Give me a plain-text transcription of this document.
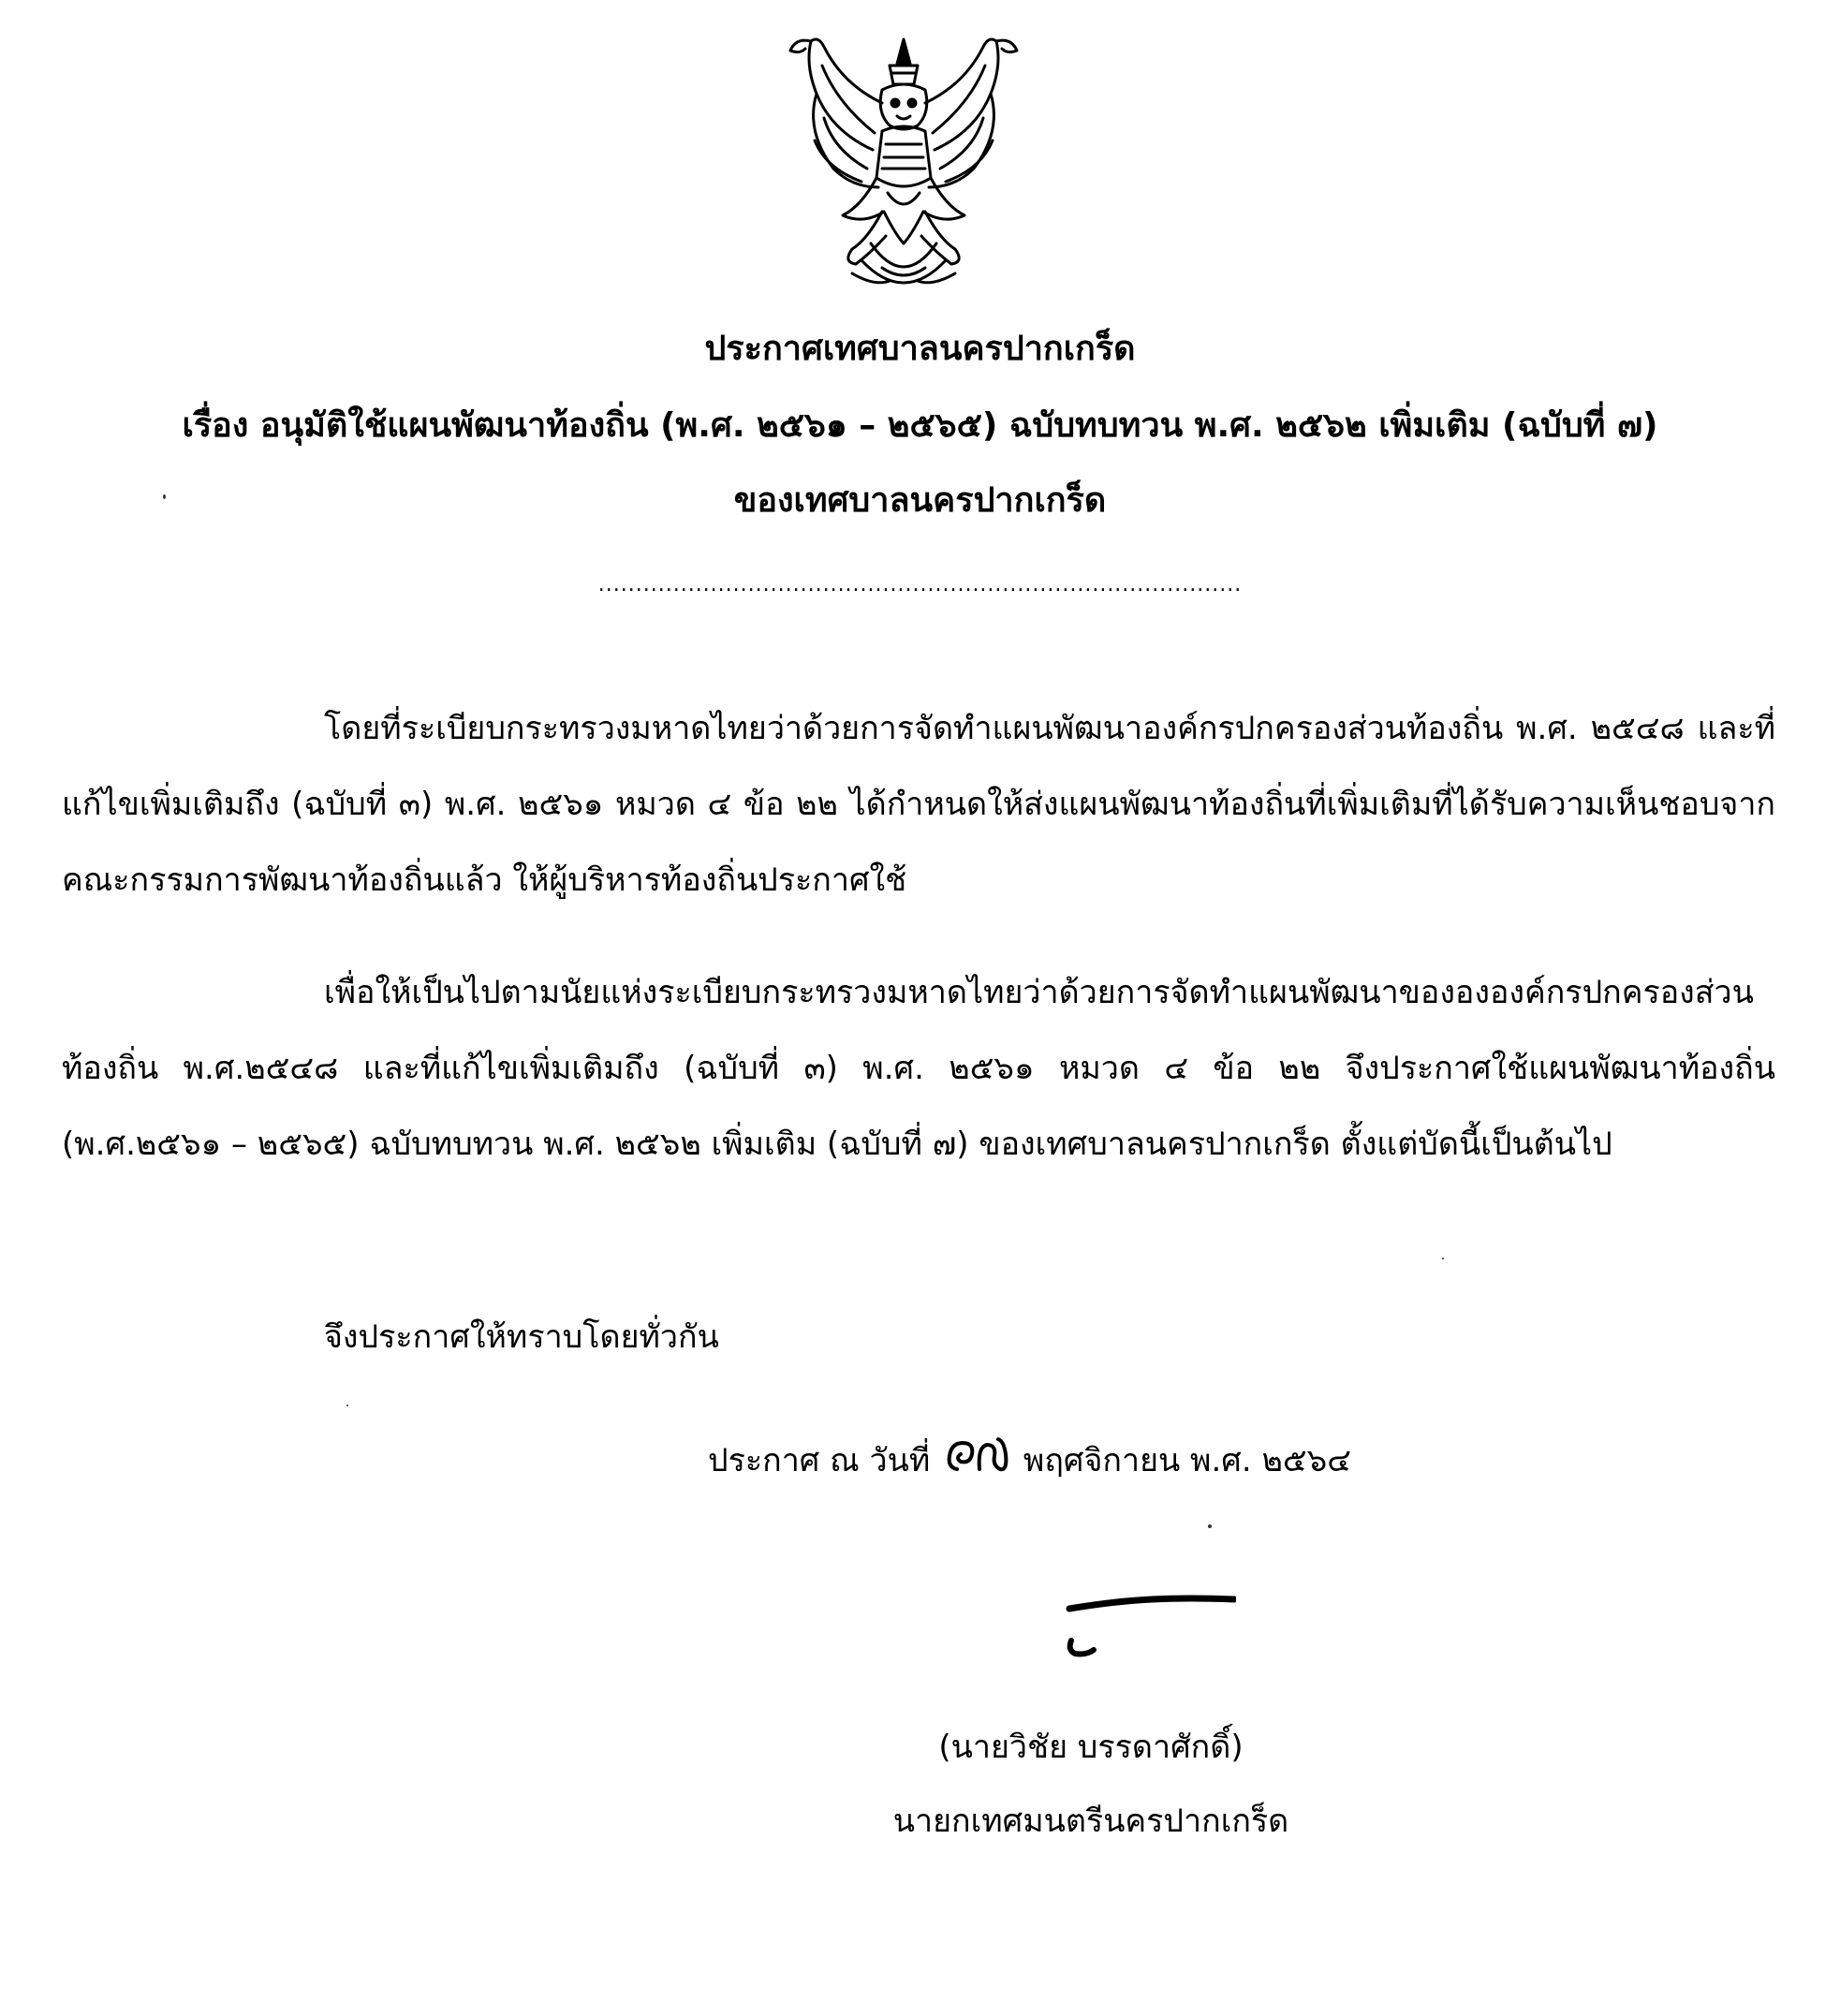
ประกาศเทศบาลนครปากเกร็ด
เรื่อง อนุมัติใช้แผนพัฒนาท้องถิ่น (พ.ศ. ๒๕๖๑ – ๒๕๖๕) ฉบับทบทวน พ.ศ. ๒๕๖๒ เพิ่มเติม (ฉบับที่ ๗)
ของเทศบาลนครปากเกร็ด
......................................................................................

โดยที่ระเบียบกระทรวงมหาดไทยว่าด้วยการจัดทำแผนพัฒนาองค์กรปกครองส่วนท้องถิ่น พ.ศ. ๒๕๔๘ และที่แก้ไขเพิ่มเติมถึง (ฉบับที่ ๓) พ.ศ. ๒๕๖๑ หมวด ๔ ข้อ ๒๒ ได้กำหนดให้ส่งแผนพัฒนาท้องถิ่นที่เพิ่มเติมที่ได้รับความเห็นชอบจากคณะกรรมการพัฒนาท้องถิ่นแล้ว ให้ผู้บริหารท้องถิ่นประกาศใช้

เพื่อให้เป็นไปตามนัยแห่งระเบียบกระทรวงมหาดไทยว่าด้วยการจัดทำแผนพัฒนาของององค์กรปกครองส่วนท้องถิ่น พ.ศ.๒๕๔๘ และที่แก้ไขเพิ่มเติมถึง (ฉบับที่ ๓) พ.ศ. ๒๕๖๑ หมวด ๔ ข้อ ๒๒ จึงประกาศใช้แผนพัฒนาท้องถิ่น (พ.ศ.๒๕๖๑ – ๒๕๖๕) ฉบับทบทวน พ.ศ. ๒๕๖๒ เพิ่มเติม (ฉบับที่ ๗) ของเทศบาลนครปากเกร็ด ตั้งแต่บัดนี้เป็นต้นไป

จึงประกาศให้ทราบโดยทั่วกัน
ประกาศ ณ วันที่	พฤศจิกายน พ.ศ. ๒๕๖๔
(นายวิชัย บรรดาศักดิ์)
นายกเทศมนตรีนครปากเกร็ด
